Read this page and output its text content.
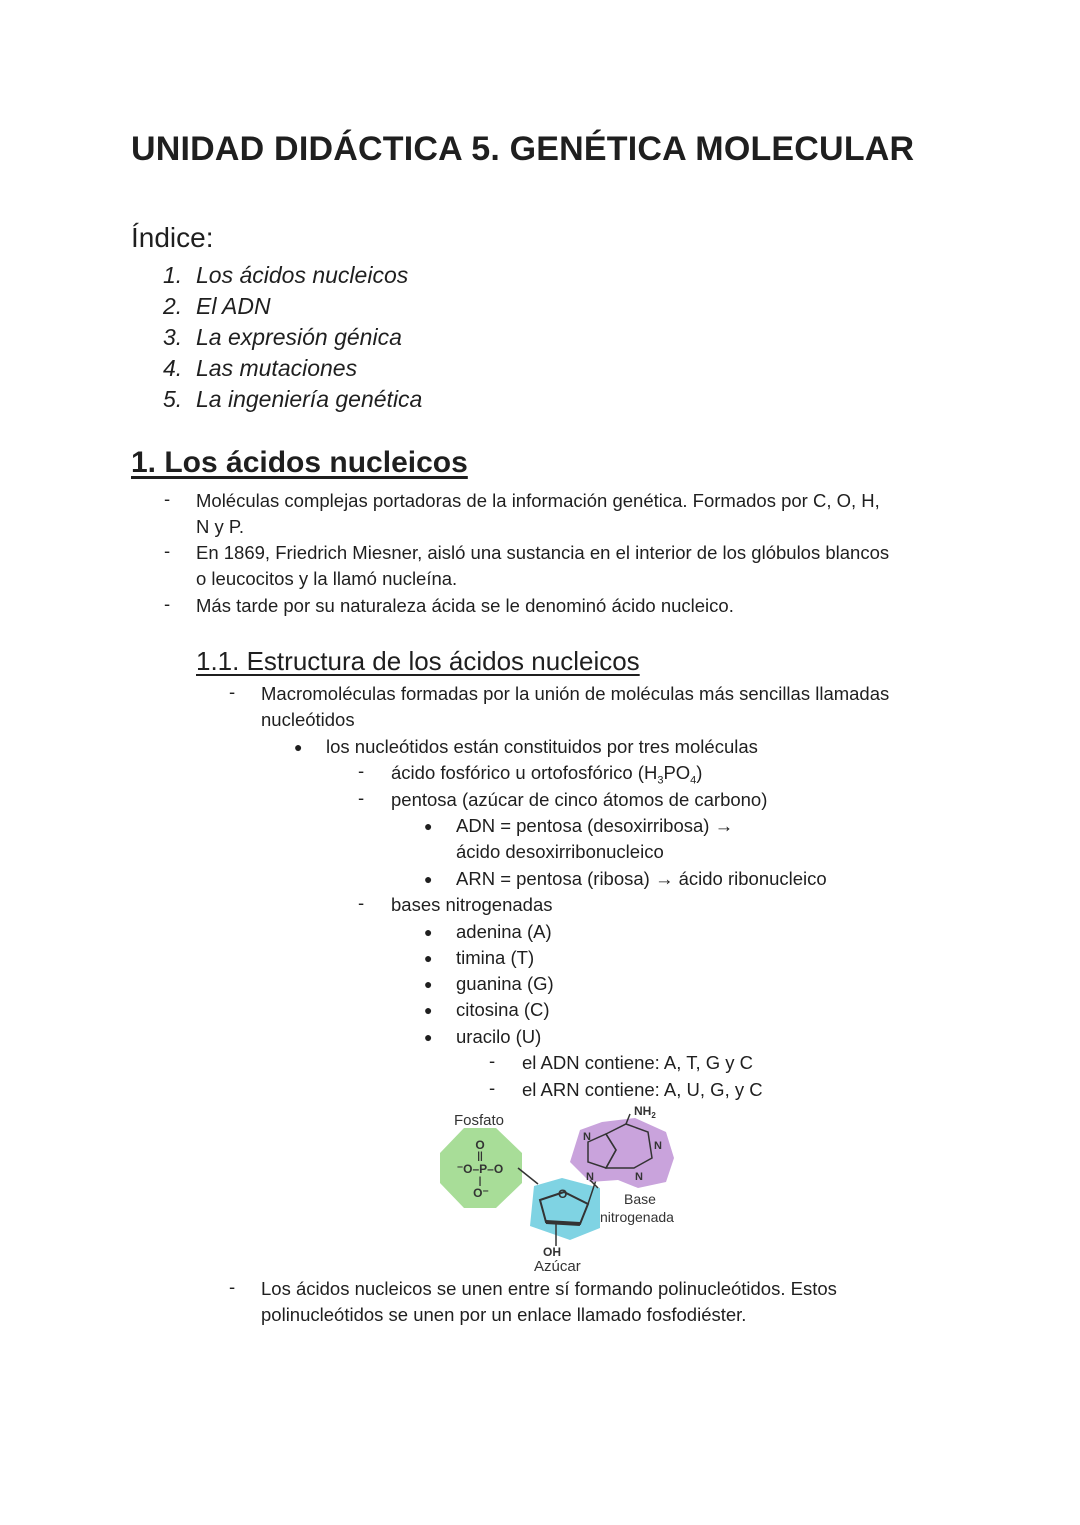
UNIDAD DIDÁCTICA 5. GENÉTICA MOLECULAR
Índice:
1. Los ácidos nucleicos
2. El ADN
3. La expresión génica
4. Las mutaciones
5. La ingeniería genética
1. Los ácidos nucleicos
- Moléculas complejas portadoras de la información genética. Formados por C, O, H,
N y P.
- En 1869, Friedrich Miesner, aisló una sustancia en el interior de los glóbulos blancos
o leucocitos y la llamó nucleína.
- Más tarde por su naturaleza ácida se le denominó ácido nucleico.
1.1. Estructura de los ácidos nucleicos
- Macromoléculas formadas por la unión de moléculas más sencillas llamadas
nucleótidos
● los nucleótidos están constituidos por tres moléculas
- ácido fosfórico u ortofosfórico $(H_3PO_4)$
- pentosa (azúcar de cinco átomos de carbono)
● ADN = pentosa (desoxirribosa) →
ácido desoxirribonucleico
● ARN = pentosa (ribosa) → ácido ribonucleico
- bases nitrogenadas
● adenina (A)
● timina (T)
● guanina (G)
● citosina (C)
● uracilo (U)
- el ADN contiene: A, T, G y C
- el ARN contiene: A, U, G, y C
Fosfato
O
||
⁻O–P–O
|
O⁻	O
OH
Azúcar
$NH_2$
N
N
N
N
Base
nitrogenada
- Los ácidos nucleicos se unen entre sí formando polinucleótidos. Estos
polinucleótidos se unen por un enlace llamado fosfodiéster.
